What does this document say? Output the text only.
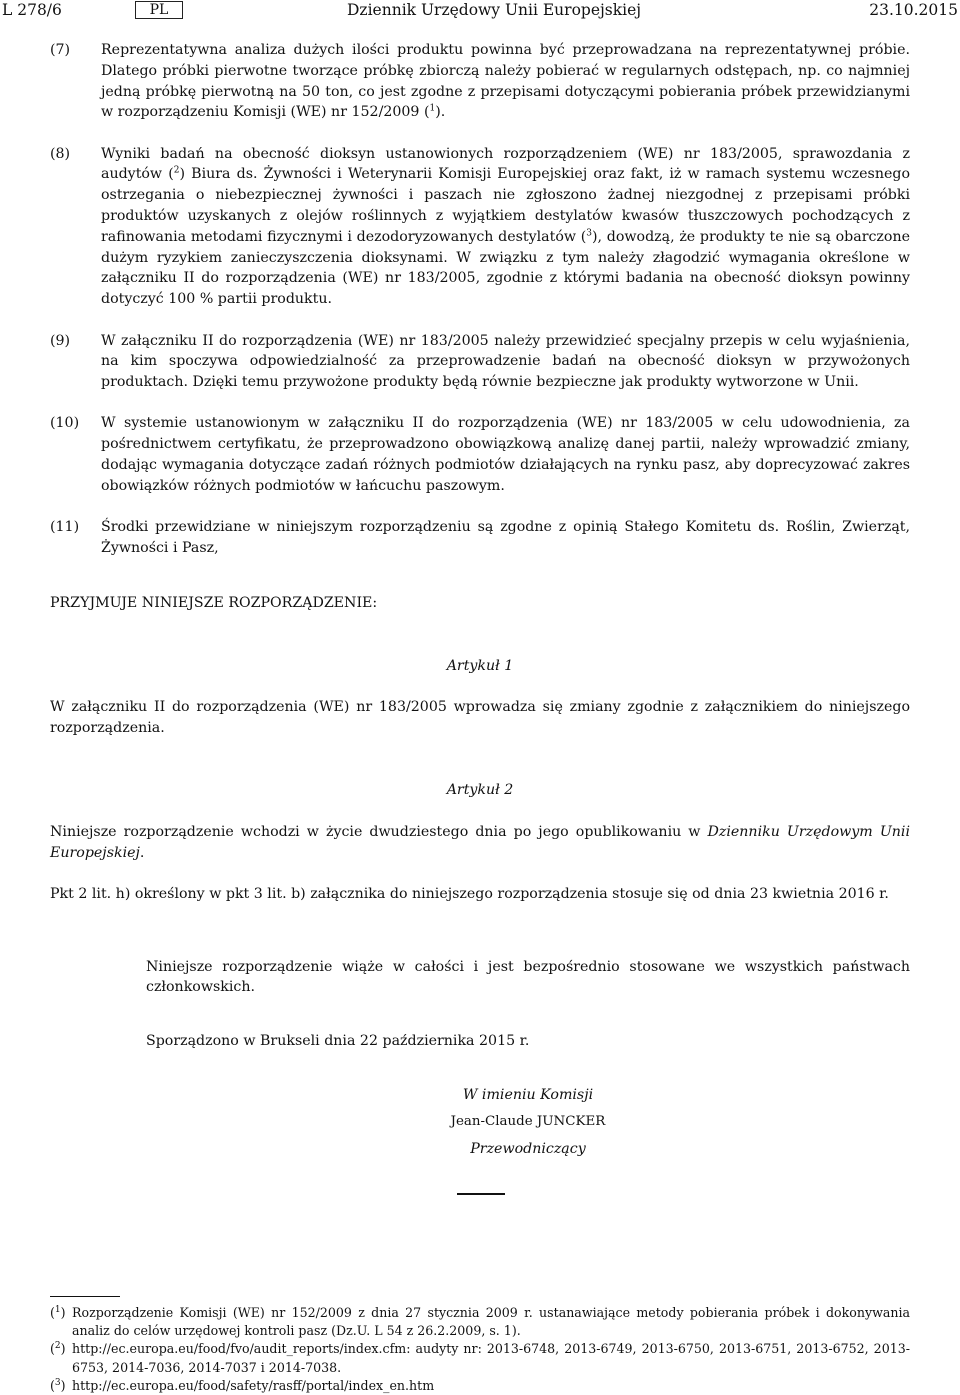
L 278/6	PL	Dziennik Urzędowy Unii Europejskiej	23.10.2015
(7) Reprezentatywna analiza dużych ilości produktu powinna być przeprowadzana na reprezentatywnej próbie. Dlatego próbki pierwotne tworzące próbkę zbiorczą należy pobierać w regularnych odstępach, np. co najmniej jedną próbkę pierwotną na 50 ton, co jest zgodne z przepisami dotyczącymi pobierania próbek przewidzianymi w rozporządzeniu Komisji (WE) nr 152/2009 ($^1$).
(8) Wyniki badań na obecność dioksyn ustanowionych rozporządzeniem (WE) nr 183/2005, sprawozdania z audytów ($^2$) Biura ds. Żywności i Weterynarii Komisji Europejskiej oraz fakt, iż w ramach systemu wczesnego ostrzegania o niebezpiecznej żywności i paszach nie zgłoszono żadnej niezgodnej z przepisami próbki produktów uzyskanych z olejów roślinnych z wyjątkiem destylatów kwasów tłuszczowych pochodzących z rafinowania metodami fizycznymi i dezodoryzowanych destylatów ($^3$), dowodzą, że produkty te nie są obarczone dużym ryzykiem zanieczyszczenia dioksynami. W związku z tym należy złagodzić wymagania określone w załączniku II do rozporządzenia (WE) nr 183/2005, zgodnie z którymi badania na obecność dioksyn powinny dotyczyć 100 % partii produktu.
(9) W załączniku II do rozporządzenia (WE) nr 183/2005 należy przewidzieć specjalny przepis w celu wyjaśnienia, na kim spoczywa odpowiedzialność za przeprowadzenie badań na obecność dioksyn w przywożonych produktach. Dzięki temu przywożone produkty będą równie bezpieczne jak produkty wytworzone w Unii.
(10) W systemie ustanowionym w załączniku II do rozporządzenia (WE) nr 183/2005 w celu udowodnienia, za pośrednictwem certyfikatu, że przeprowadzono obowiązkową analizę danej partii, należy wprowadzić zmiany, dodając wymagania dotyczące zadań różnych podmiotów działających na rynku pasz, aby doprecyzować zakres obowiązków różnych podmiotów w łańcuchu paszowym.
(11) Środki przewidziane w niniejszym rozporządzeniu są zgodne z opinią Stałego Komitetu ds. Roślin, Zwierząt, Żywności i Pasz,
PRZYJMUJE NINIEJSZE ROZPORZĄDZENIE:
Artykuł 1
W załączniku II do rozporządzenia (WE) nr 183/2005 wprowadza się zmiany zgodnie z załącznikiem do niniejszego rozporządzenia.
Artykuł 2
Niniejsze rozporządzenie wchodzi w życie dwudziestego dnia po jego opublikowaniu w Dzienniku Urzędowym Unii Europejskiej.
Pkt 2 lit. h) określony w pkt 3 lit. b) załącznika do niniejszego rozporządzenia stosuje się od dnia 23 kwietnia 2016 r.

Niniejsze rozporządzenie wiąże w całości i jest bezpośrednio stosowane we wszystkich państwach członkowskich.

Sporządzono w Brukseli dnia 22 października 2015 r.

W imieniu Komisji
Jean-Claude JUNCKER
Przewodniczący
($^1$) Rozporządzenie Komisji (WE) nr 152/2009 z dnia 27 stycznia 2009 r. ustanawiające metody pobierania próbek i dokonywania analiz do celów urzędowej kontroli pasz (Dz.U. L 54 z 26.2.2009, s. 1).
($^2$) http://ec.europa.eu/food/fvo/audit_reports/index.cfm: audyty nr: 2013-6748, 2013-6749, 2013-6750, 2013-6751, 2013-6752, 2013-6753, 2014-7036, 2014-7037 i 2014-7038.
($^3$) http://ec.europa.eu/food/safety/rasff/portal/index_en.htm
